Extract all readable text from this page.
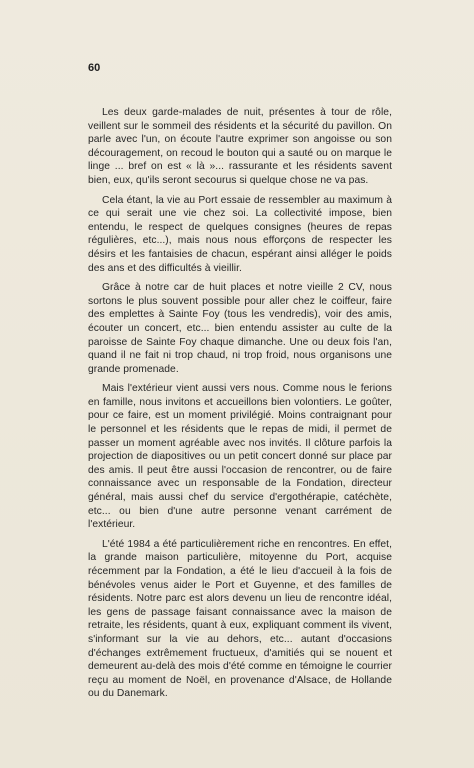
60

Les deux garde-malades de nuit, présentes à tour de rôle, veillent sur le sommeil des résidents et la sécurité du pavillon. On parle avec l'un, on écoute l'autre exprimer son angoisse ou son découragement, on recoud le bouton qui a sauté ou on marque le linge ... bref on est « là »... rassurante et les résidents savent bien, eux, qu'ils seront secourus si quelque chose ne va pas.

Cela étant, la vie au Port essaie de ressembler au maximum à ce qui serait une vie chez soi. La collectivité impose, bien entendu, le respect de quelques consignes (heures de repas régulières, etc...), mais nous nous efforçons de respecter les désirs et les fantaisies de chacun, espérant ainsi alléger le poids des ans et des difficultés à vieillir.

Grâce à notre car de huit places et notre vieille 2 CV, nous sortons le plus souvent possible pour aller chez le coiffeur, faire des emplettes à Sainte Foy (tous les vendredis), voir des amis, écouter un concert, etc... bien entendu assister au culte de la paroisse de Sainte Foy chaque dimanche. Une ou deux fois l'an, quand il ne fait ni trop chaud, ni trop froid, nous organisons une grande promenade.

Mais l'extérieur vient aussi vers nous. Comme nous le ferions en famille, nous invitons et accueillons bien volontiers. Le goûter, pour ce faire, est un moment privilégié. Moins contraignant pour le personnel et les résidents que le repas de midi, il permet de passer un moment agréable avec nos invités. Il clôture parfois la projection de diapositives ou un petit concert donné sur place par des amis. Il peut être aussi l'occasion de rencontrer, ou de faire connaissance avec un responsable de la Fondation, directeur général, mais aussi chef du service d'ergothérapie, catéchète, etc... ou bien d'une autre personne venant carrément de l'extérieur.

L'été 1984 a été particulièrement riche en rencontres. En effet, la grande maison particulière, mitoyenne du Port, acquise récemment par la Fondation, a été le lieu d'accueil à la fois de bénévoles venus aider le Port et Guyenne, et des familles de résidents. Notre parc est alors devenu un lieu de rencontre idéal, les gens de passage faisant connaissance avec la maison de retraite, les résidents, quant à eux, expliquant comment ils vivent, s'informant sur la vie au dehors, etc... autant d'occasions d'échanges extrêmement fructueux, d'amitiés qui se nouent et demeurent au-delà des mois d'été comme en témoigne le courrier reçu au moment de Noël, en provenance d'Alsace, de Hollande ou du Danemark.
